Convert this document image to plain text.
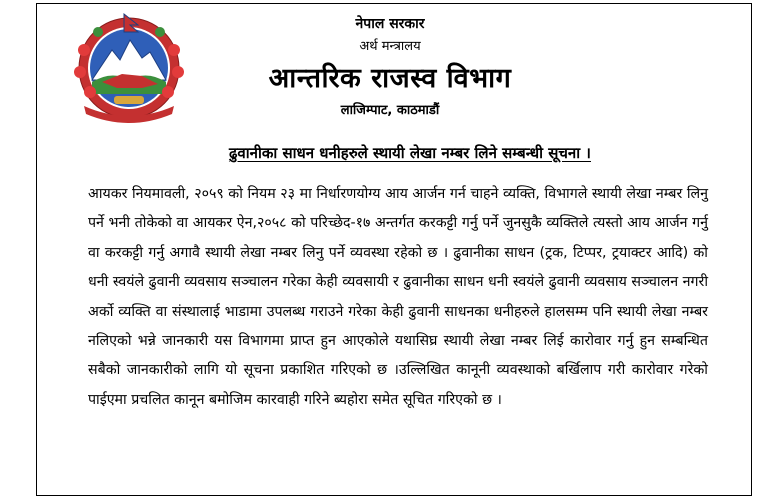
नेपाल सरकार
अर्थ मन्त्रालय
आन्तरिक राजस्व विभाग
लाजिम्पाट, काठमाडौं
ढुवानीका साधन धनीहरुले स्थायी लेखा नम्बर लिने सम्बन्धी सूचना ।

आयकर नियमावली, २०५९ को नियम २३ मा निर्धारणयोग्य आय आर्जन गर्न चाहने व्यक्ति, विभागले स्थायी लेखा नम्बर लिनु पर्ने भनी तोकेको वा आयकर ऐन,२०५८ को परिच्छेद-१७ अन्तर्गत करकट्टी गर्नु पर्ने जुनसुकै व्यक्तिले त्यस्तो आय आर्जन गर्नु वा करकट्टी गर्नु अगावै स्थायी लेखा नम्बर लिनु पर्ने व्यवस्था रहेको छ । ढुवानीका साधन (ट्रक, टिप्पर, ट्रयाक्टर आदि) को धनी स्वयंले ढुवानी व्यवसाय सञ्चालन गरेका केही व्यवसायी र ढुवानीका साधन धनी स्वयंले ढुवानी व्यवसाय सञ्चालन नगरी अर्को व्यक्ति वा संस्थालाई भाडामा उपलब्ध गराउने गरेका केही ढुवानी साधनका धनीहरुले हालसम्म पनि स्थायी लेखा नम्बर नलिएको भन्ने जानकारी यस विभागमा प्राप्त हुन आएकोले यथासिघ्र स्थायी लेखा नम्बर लिई कारोवार गर्नु हुन सम्बन्धित सबैको जानकारीको लागि यो सूचना प्रकाशित गरिएको छ ।उल्लिखित कानूनी व्यवस्थाको बर्खिलाप गरी कारोवार गरेको पाईएमा प्रचलित कानून बमोजिम कारवाही गरिने ब्यहोरा समेत सूचित गरिएको छ ।
